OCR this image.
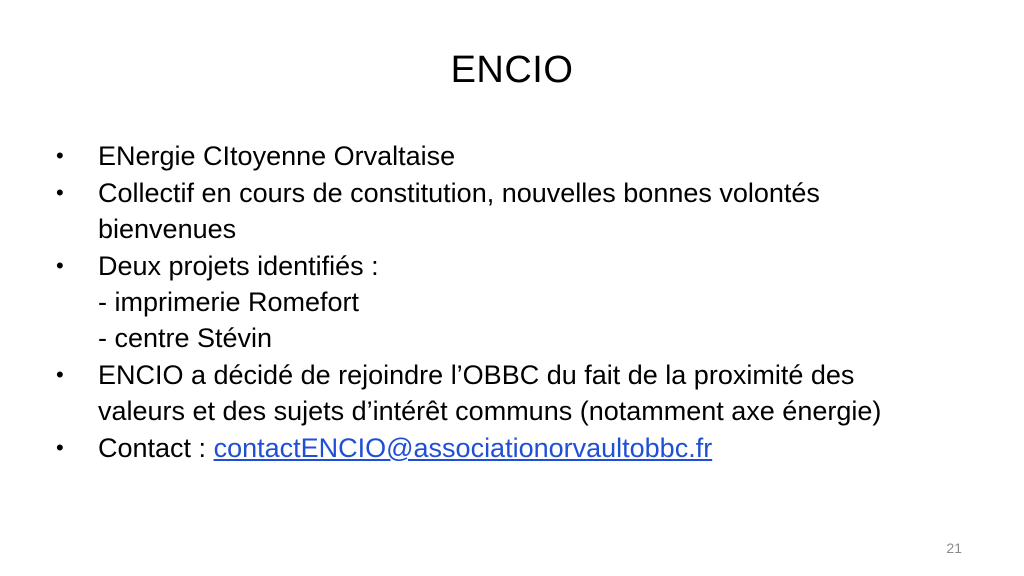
ENCIO
•	ENergie CItoyenne Orvaltaise
•	Collectif en cours de constitution, nouvelles bonnes volontés
bienvenues
•	Deux projets identifiés :
- imprimerie Romefort
- centre Stévin
•	ENCIO a décidé de rejoindre l’OBBC du fait de la proximité des
valeurs et des sujets d’intérêt communs (notamment axe énergie)
•	Contact : contactENCIO@associationorvaultobbc.fr
21
